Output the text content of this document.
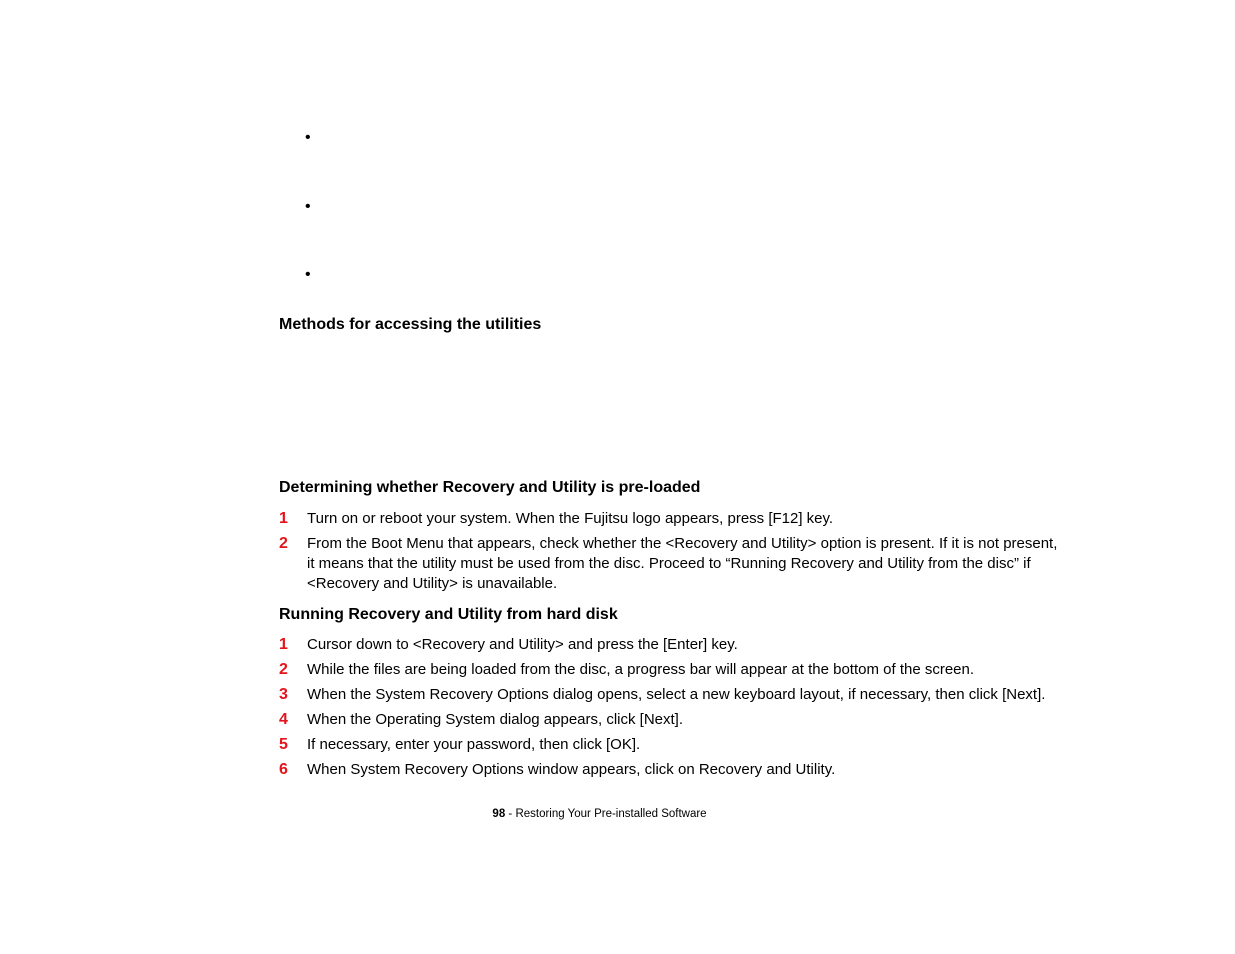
•
•
•
Methods for accessing the utilities
Determining whether Recovery and Utility is pre-loaded
1 Turn on or reboot your system. When the Fujitsu logo appears, press [F12] key.
2 From the Boot Menu that appears, check whether the <Recovery and Utility> option is present. If it is not present, it means that the utility must be used from the disc. Proceed to “Running Recovery and Utility from the disc” if <Recovery and Utility> is unavailable.
Running Recovery and Utility from hard disk
1 Cursor down to <Recovery and Utility> and press the [Enter] key.
2 While the files are being loaded from the disc, a progress bar will appear at the bottom of the screen.
3 When the System Recovery Options dialog opens, select a new keyboard layout, if necessary, then click [Next].
4 When the Operating System dialog appears, click [Next].
5 If necessary, enter your password, then click [OK].
6 When System Recovery Options window appears, click on Recovery and Utility.
98 - Restoring Your Pre-installed Software
